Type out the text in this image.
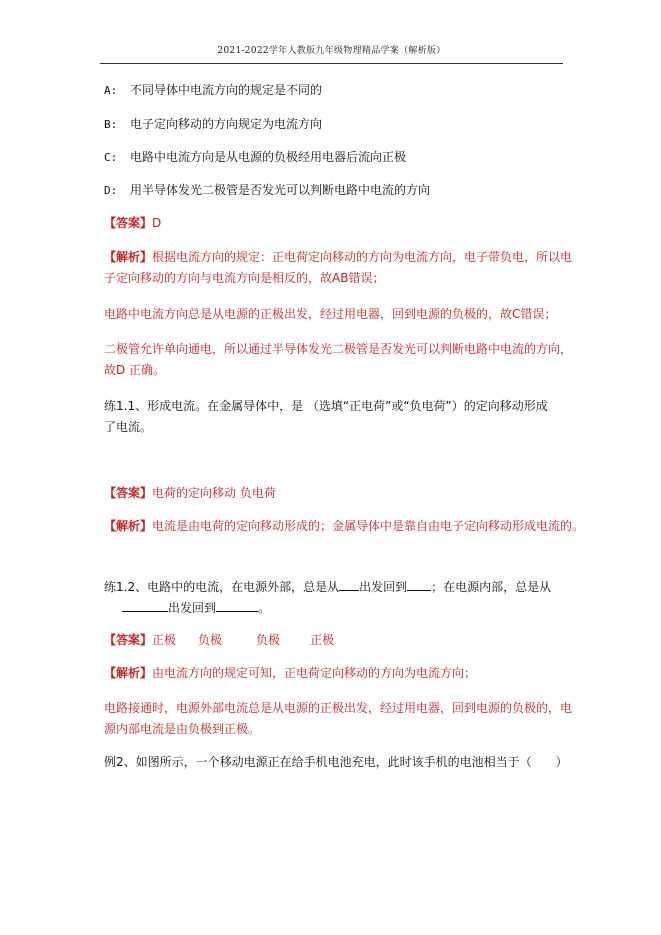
2021-2022学年人教版九年级物理精品学案（解析版）
A: 不同导体中电流方向的规定是不同的
B: 电子定向移动的方向规定为电流方向
C: 电路中电流方向是从电源的负极经用电器后流向正极
D: 用半导体发光二极管是否发光可以判断电路中电流的方向
【答案】D
【解析】根据电流方向的规定：正电荷定向移动的方向为电流方向，电子带负电，所以电
子定向移动的方向与电流方向是相反的，故AB错误；
电路中电流方向总是从电源的正极出发，经过用电器，回到电源的负极的，故C错误；
二极管允许单向通电，所以通过半导体发光二极管是否发光可以判断电路中电流的方向，
故D 正确。
练1.1、形成电流。在金属导体中，是 （选填“正电荷”或“负电荷”）的定向移动形成
了电流。
【答案】电荷的定向移动 负电荷
【解析】电流是由电荷的定向移动形成的；金属导体中是靠自由电子定向移动形成电流的。
练1.2、电路中的电流，在电源外部，总是从 出发回到 ；在电源内部，总是从
出发回到	。
【答案】正极 负极	负极	正极
【解析】由电流方向的规定可知，正电荷定向移动的方向为电流方向；
电路接通时，电源外部电流总是从电源的正极出发，经过用电器，回到电源的负极的，电
源内部电流是由负极到正极。
例2、如图所示，一个移动电源正在给手机电池充电，此时该手机的电池相当于（　　）
